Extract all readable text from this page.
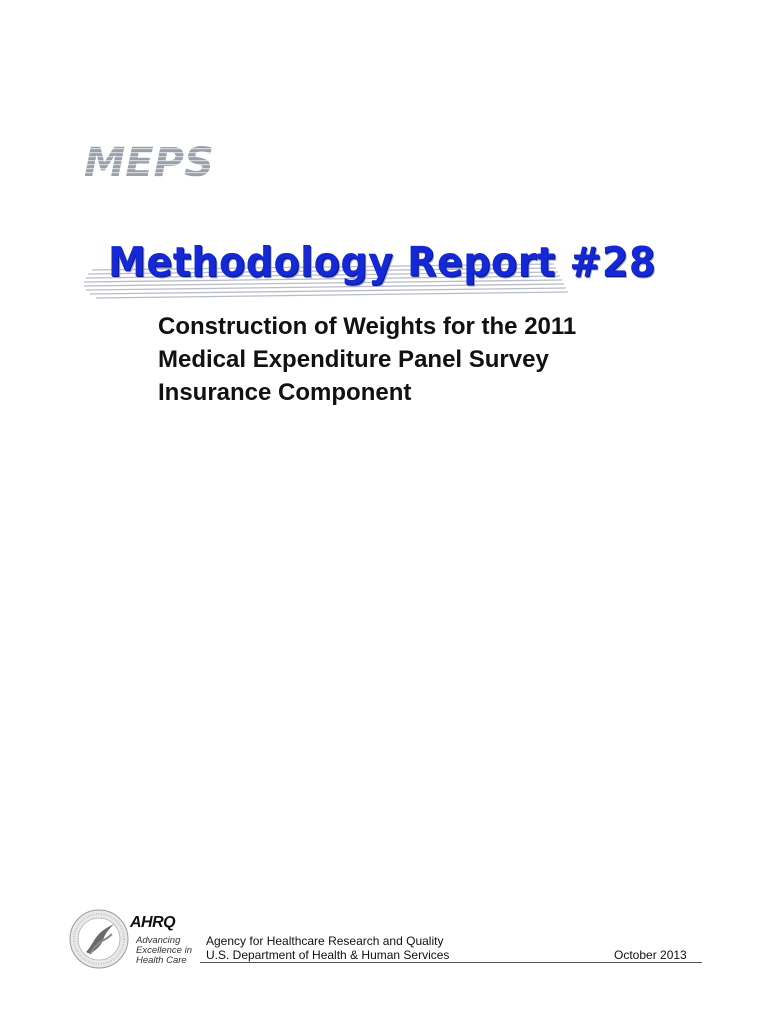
MEPS
Methodology Report #28
Construction of Weights for the 2011
Medical Expenditure Panel Survey
Insurance Component
AHRQ
Advancing
Excellence in
Health Care
Agency for Healthcare Research and Quality
U.S. Department of Health & Human Services	October 2013
